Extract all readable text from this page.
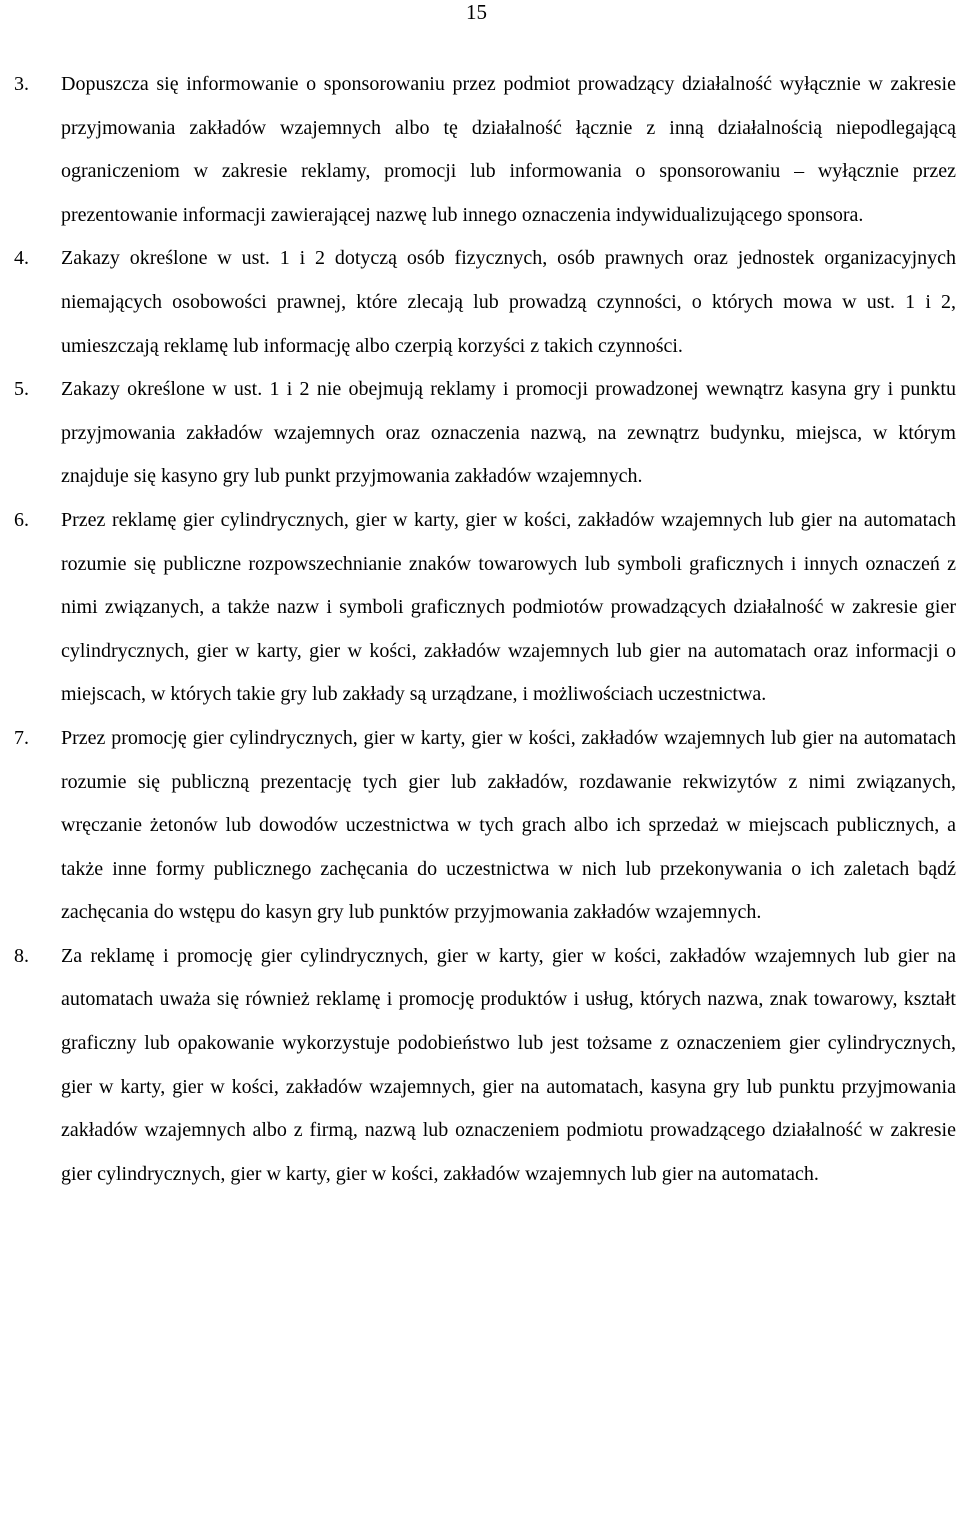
15
3. Dopuszcza się informowanie o sponsorowaniu przez podmiot prowadzący działalność wyłącznie w zakresie przyjmowania zakładów wzajemnych albo tę działalność łącznie z inną działalnością niepodlegającą ograniczeniom w zakresie reklamy, promocji lub informowania o sponsorowaniu – wyłącznie przez prezentowanie informacji zawierającej nazwę lub innego oznaczenia indywidualizującego sponsora.
4. Zakazy określone w ust. 1 i 2 dotyczą osób fizycznych, osób prawnych oraz jednostek organizacyjnych niemających osobowości prawnej, które zlecają lub prowadzą czynności, o których mowa w ust. 1 i 2, umieszczają reklamę lub informację albo czerpią korzyści z takich czynności.
5. Zakazy określone w ust. 1 i 2 nie obejmują reklamy i promocji prowadzonej wewnątrz kasyna gry i punktu przyjmowania zakładów wzajemnych oraz oznaczenia nazwą, na zewnątrz budynku, miejsca, w którym znajduje się kasyno gry lub punkt przyjmowania zakładów wzajemnych.
6. Przez reklamę gier cylindrycznych, gier w karty, gier w kości, zakładów wzajemnych lub gier na automatach rozumie się publiczne rozpowszechnianie znaków towarowych lub symboli graficznych i innych oznaczeń z nimi związanych, a także nazw i symboli graficznych podmiotów prowadzących działalność w zakresie gier cylindrycznych, gier w karty, gier w kości, zakładów wzajemnych lub gier na automatach oraz informacji o miejscach, w których takie gry lub zakłady są urządzane, i możliwościach uczestnictwa.
7. Przez promocję gier cylindrycznych, gier w karty, gier w kości, zakładów wzajemnych lub gier na automatach rozumie się publiczną prezentację tych gier lub zakładów, rozdawanie rekwizytów z nimi związanych, wręczanie żetonów lub dowodów uczestnictwa w tych grach albo ich sprzedaż w miejscach publicznych, a także inne formy publicznego zachęcania do uczestnictwa w nich lub przekonywania o ich zaletach bądź zachęcania do wstępu do kasyn gry lub punktów przyjmowania zakładów wzajemnych.
8. Za reklamę i promocję gier cylindrycznych, gier w karty, gier w kości, zakładów wzajemnych lub gier na automatach uważa się również reklamę i promocję produktów i usług, których nazwa, znak towarowy, kształt graficzny lub opakowanie wykorzystuje podobieństwo lub jest tożsame z oznaczeniem gier cylindrycznych, gier w karty, gier w kości, zakładów wzajemnych, gier na automatach, kasyna gry lub punktu przyjmowania zakładów wzajemnych albo z firmą, nazwą lub oznaczeniem podmiotu prowadzącego działalność w zakresie gier cylindrycznych, gier w karty, gier w kości, zakładów wzajemnych lub gier na automatach.
